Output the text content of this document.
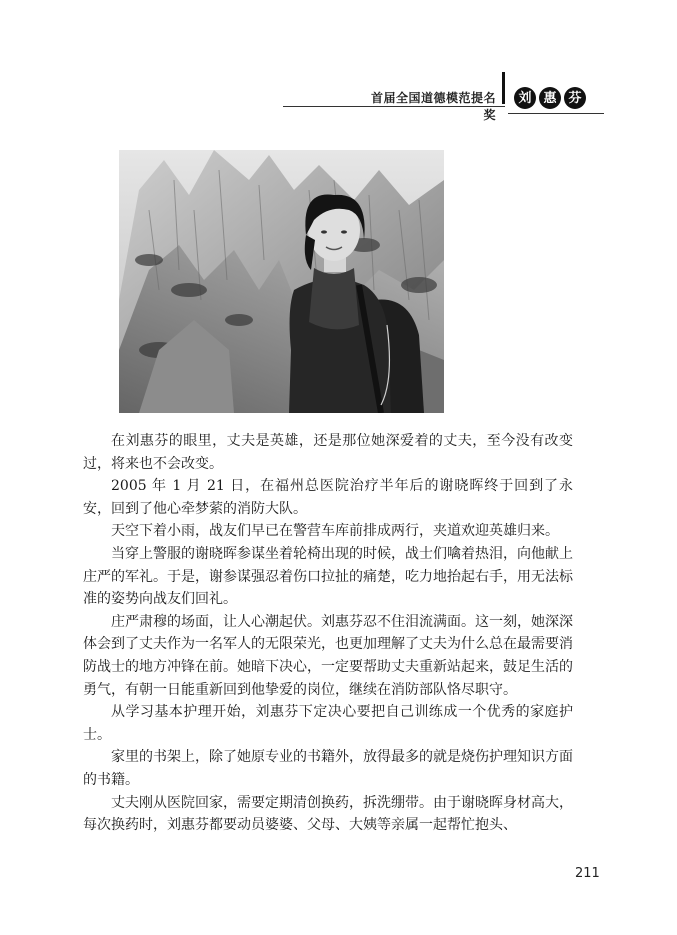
首届全国道德模范提名奖
刘 惠 芬

在刘惠芬的眼里，丈夫是英雄，还是那位她深爱着的丈夫，至今没有改变过，将来也不会改变。

2005 年 1 月 21 日，在福州总医院治疗半年后的谢晓晖终于回到了永安，回到了他心牵梦萦的消防大队。

天空下着小雨，战友们早已在警营车库前排成两行，夹道欢迎英雄归来。

当穿上警服的谢晓晖参谋坐着轮椅出现的时候，战士们噙着热泪，向他献上庄严的军礼。于是，谢参谋强忍着伤口拉扯的痛楚，吃力地抬起右手，用无法标准的姿势向战友们回礼。

庄严肃穆的场面，让人心潮起伏。刘惠芬忍不住泪流满面。这一刻，她深深体会到了丈夫作为一名军人的无限荣光，也更加理解了丈夫为什么总在最需要消防战士的地方冲锋在前。她暗下决心，一定要帮助丈夫重新站起来，鼓足生活的勇气，有朝一日能重新回到他挚爱的岗位，继续在消防部队恪尽职守。

从学习基本护理开始，刘惠芬下定决心要把自己训练成一个优秀的家庭护士。

家里的书架上，除了她原专业的书籍外，放得最多的就是烧伤护理知识方面的书籍。

丈夫刚从医院回家，需要定期清创换药，拆洗绷带。由于谢晓晖身材高大，每次换药时，刘惠芬都要动员婆婆、父母、大姨等亲属一起帮忙抱头、

211
